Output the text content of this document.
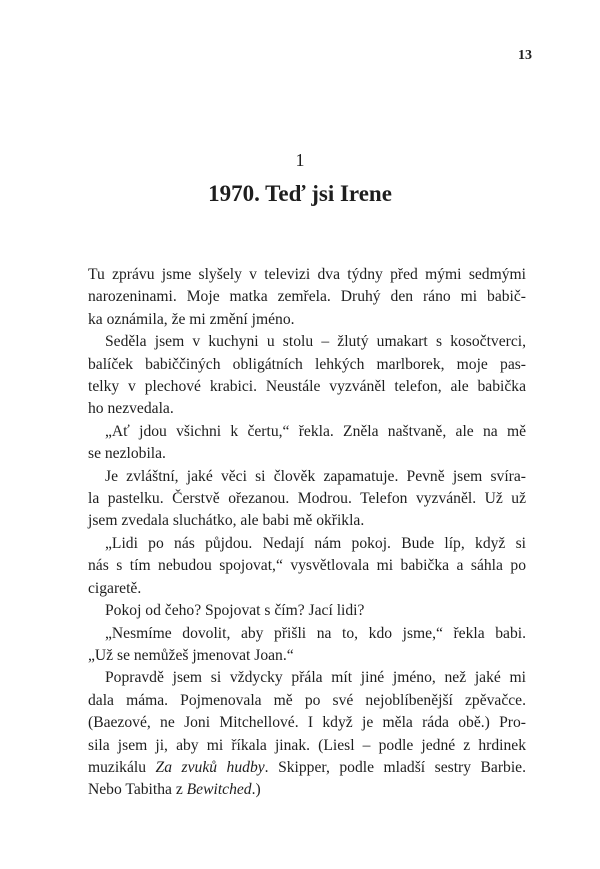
13
1
1970. Teď jsi Irene
Tu zprávu jsme slyšely v televizi dva týdny před mými sedmými
narozeninami. Moje matka zemřela. Druhý den ráno mi babič-
ka oznámila, že mi změní jméno.
Seděla jsem v kuchyni u stolu – žlutý umakart s kosočtverci,
balíček babiččiných obligátních lehkých marlborek, moje pas-
telky v plechové krabici. Neustále vyzváněl telefon, ale babička
ho nezvedala.
„Ať jdou všichni k čertu,“ řekla. Zněla naštvaně, ale na mě
se nezlobila.
Je zvláštní, jaké věci si člověk zapamatuje. Pevně jsem svíra-
la pastelku. Čerstvě ořezanou. Modrou. Telefon vyzváněl. Už už
jsem zvedala sluchátko, ale babi mě okřikla.
„Lidi po nás půjdou. Nedají nám pokoj. Bude líp, když si
nás s tím nebudou spojovat,“ vysvětlovala mi babička a sáhla po
cigaretě.
Pokoj od čeho? Spojovat s čím? Jací lidi?
„Nesmíme dovolit, aby přišli na to, kdo jsme,“ řekla babi.
„Už se nemůžeš jmenovat Joan.“
Popravdě jsem si vždycky přála mít jiné jméno, než jaké mi
dala máma. Pojmenovala mě po své nejoblíbenější zpěvačce.
(Baezové, ne Joni Mitchellové. I když je měla ráda obě.) Pro-
sila jsem ji, aby mi říkala jinak. (Liesl – podle jedné z hrdinek
muzikálu Za zvuků hudby. Skipper, podle mladší sestry Barbie.
Nebo Tabitha z Bewitched.)
